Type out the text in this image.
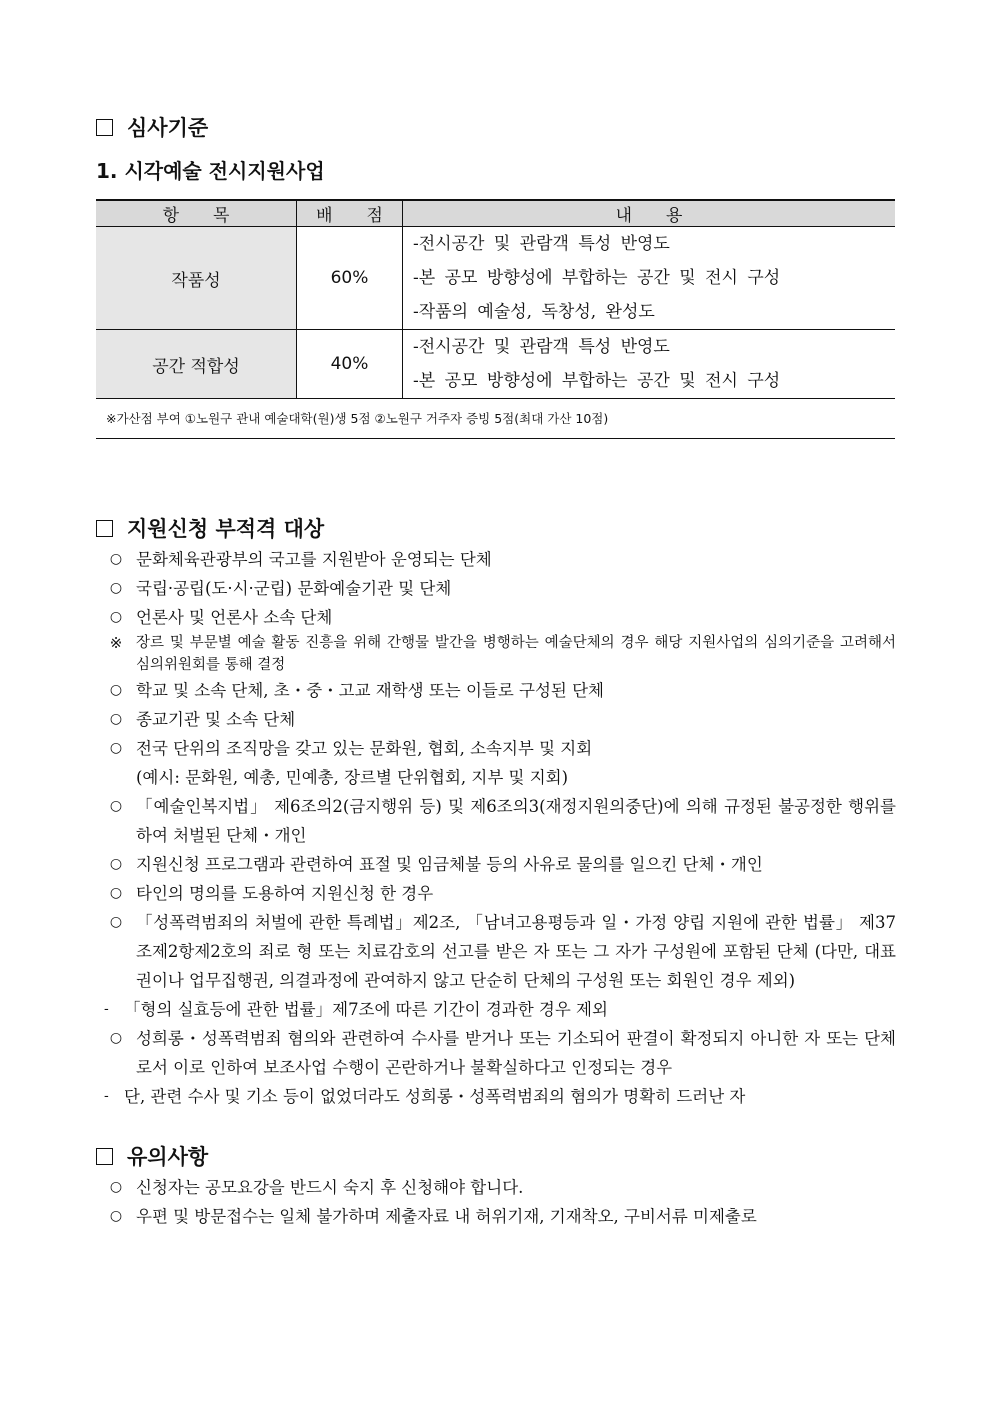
심사기준
1. 시각예술 전시지원사업
항　　목	배　　점	내　　용
작품성	60%	-전시공간 및 관람객 특성 반영도
-본 공모 방향성에 부합하는 공간 및 전시 구성
-작품의 예술성, 독창성, 완성도

공간 적합성	40%	-전시공간 및 관람객 특성 반영도
-본 공모 방향성에 부합하는 공간 및 전시 구성
※가산점 부여 ①노원구 관내 예술대학(원)생 5점 ②노원구 거주자 증빙 5점(최대 가산 10점)
지원신청 부적격 대상
○ 문화체육관광부의 국고를 지원받아 운영되는 단체
○ 국립·공립(도·시·군립) 문화예술기관 및 단체
○ 언론사 및 언론사 소속 단체
※ 장르 및 부문별 예술 활동 진흥을 위해 간행물 발간을 병행하는 예술단체의 경우 해당 지원사업의 심의기준을 고려해서 심의위원회를 통해 결정
○ 학교 및 소속 단체, 초・중・고교 재학생 또는 이들로 구성된 단체
○ 종교기관 및 소속 단체
○ 전국 단위의 조직망을 갖고 있는 문화원, 협회, 소속지부 및 지회
(예시: 문화원, 예총, 민예총, 장르별 단위협회, 지부 및 지회)
○ 「예술인복지법」 제6조의2(금지행위 등) 및 제6조의3(재정지원의중단)에 의해 규정된 불공정한 행위를 하여 처벌된 단체・개인
○ 지원신청 프로그램과 관련하여 표절 및 임금체불 등의 사유로 물의를 일으킨 단체・개인
○ 타인의 명의를 도용하여 지원신청 한 경우
○ 「성폭력범죄의 처벌에 관한 특례법」제2조, 「남녀고용평등과 일・가정 양립 지원에 관한 법률」 제37조제2항제2호의 죄로 형 또는 치료감호의 선고를 받은 자 또는 그 자가 구성원에 포함된 단체 (다만, 대표권이나 업무집행권, 의결과정에 관여하지 않고 단순히 단체의 구성원 또는 회원인 경우 제외)
- 「형의 실효등에 관한 법률」제7조에 따른 기간이 경과한 경우 제외
○ 성희롱・성폭력범죄 혐의와 관련하여 수사를 받거나 또는 기소되어 판결이 확정되지 아니한 자 또는 단체로서 이로 인하여 보조사업 수행이 곤란하거나 불확실하다고 인정되는 경우
- 단, 관련 수사 및 기소 등이 없었더라도 성희롱・성폭력범죄의 혐의가 명확히 드러난 자
유의사항
○ 신청자는 공모요강을 반드시 숙지 후 신청해야 합니다.
○ 우편 및 방문접수는 일체 불가하며 제출자료 내 허위기재, 기재착오, 구비서류 미제출로
